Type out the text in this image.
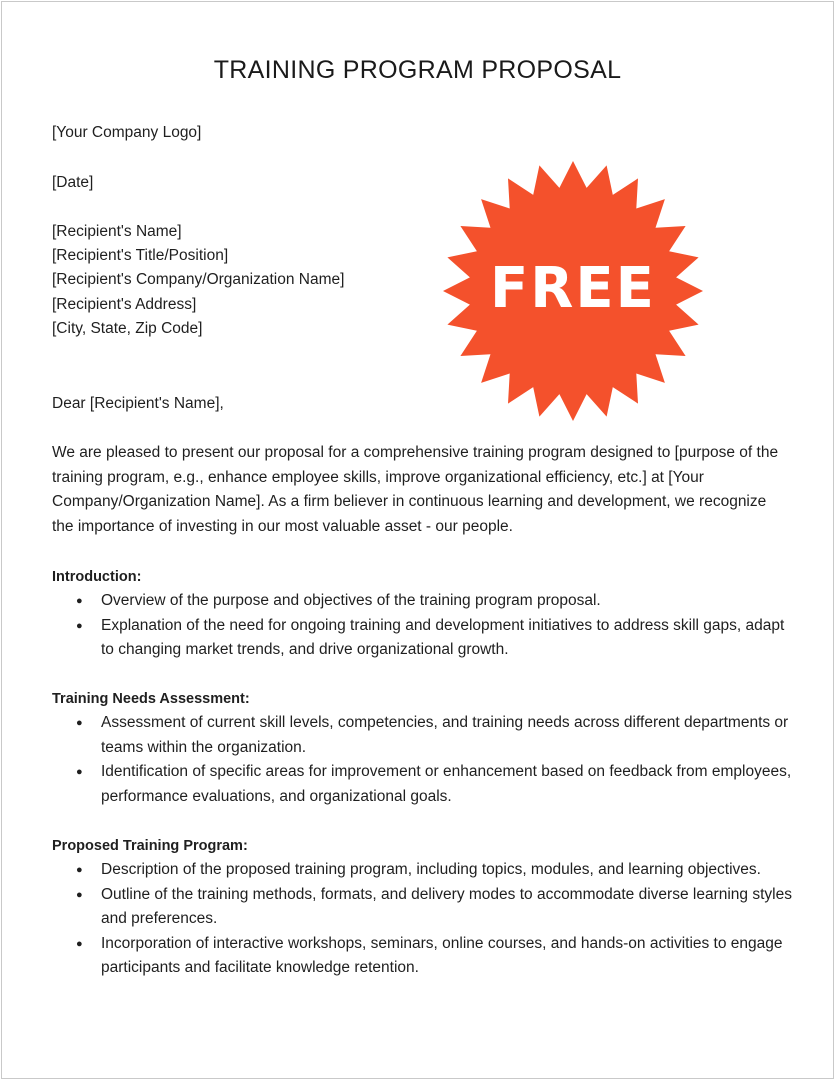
TRAINING PROGRAM PROPOSAL
[Your Company Logo]
[Date]
[Recipient's Name]
[Recipient's Title/Position]
[Recipient's Company/Organization Name]
[Recipient's Address]
[City, State, Zip Code]
Dear [Recipient's Name],
We are pleased to present our proposal for a comprehensive training program designed to [purpose of the training program, e.g., enhance employee skills, improve organizational efficiency, etc.] at [Your Company/Organization Name]. As a firm believer in continuous learning and development, we recognize the importance of investing in our most valuable asset - our people.
Introduction:
● Overview of the purpose and objectives of the training program proposal.
● Explanation of the need for ongoing training and development initiatives to address skill gaps, adapt to changing market trends, and drive organizational growth.
Training Needs Assessment:
● Assessment of current skill levels, competencies, and training needs across different departments or teams within the organization.
● Identification of specific areas for improvement or enhancement based on feedback from employees, performance evaluations, and organizational goals.
Proposed Training Program:
● Description of the proposed training program, including topics, modules, and learning objectives.
● Outline of the training methods, formats, and delivery modes to accommodate diverse learning styles and preferences.
● Incorporation of interactive workshops, seminars, online courses, and hands-on activities to engage participants and facilitate knowledge retention.
FREE
